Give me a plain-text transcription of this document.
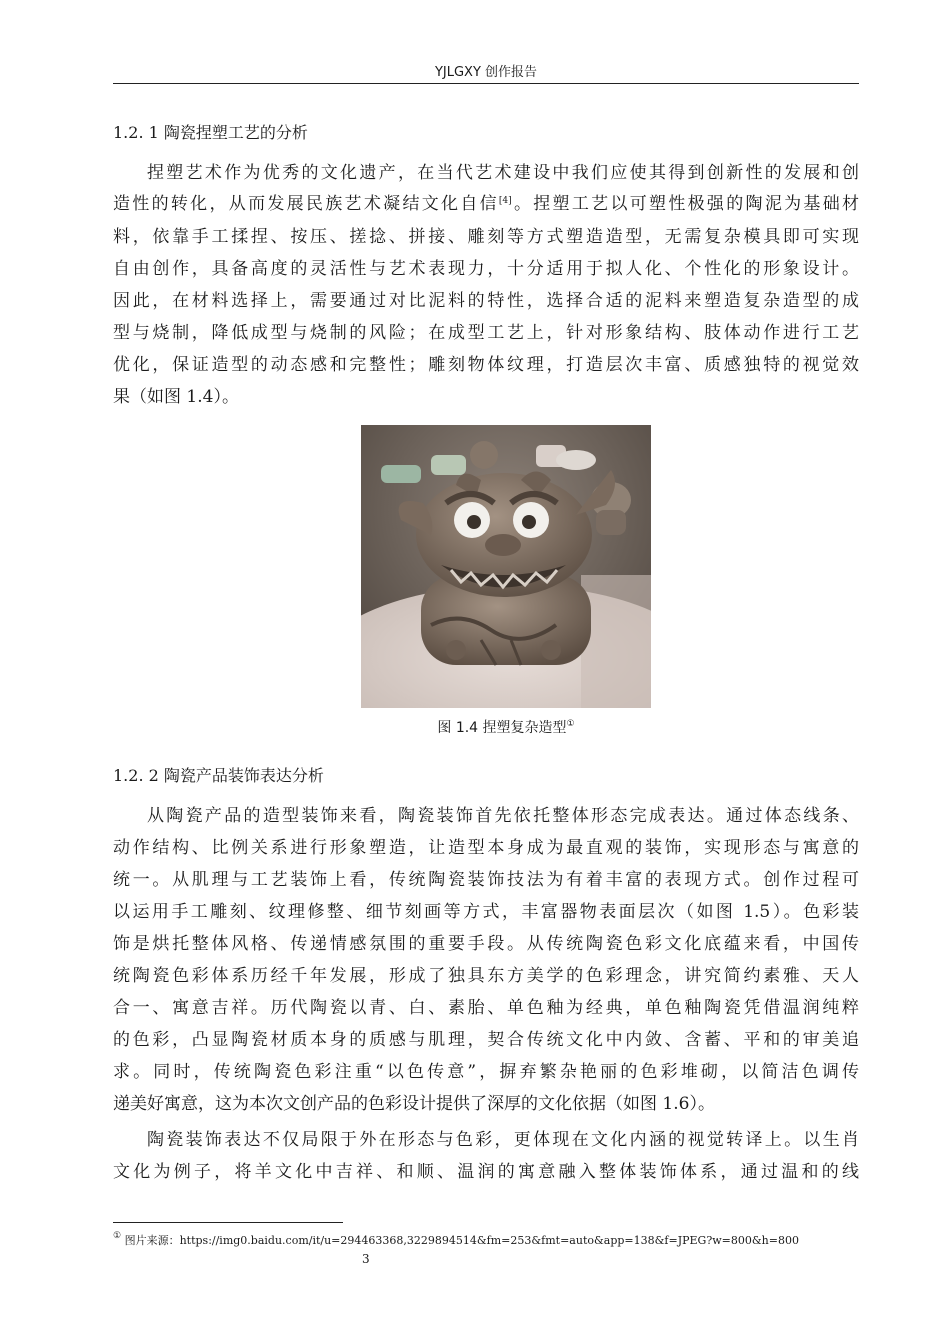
YJLGXY 创作报告
1.2. 1 陶瓷捏塑工艺的分析
捏塑艺术作为优秀的文化遗产，在当代艺术建设中我们应使其得到创新性的发展和创
造性的转化，从而发展民族艺术凝结文化自信[4]。捏塑工艺以可塑性极强的陶泥为基础材
料，依靠手工揉捏、按压、搓捻、拼接、雕刻等方式塑造造型，无需复杂模具即可实现
自由创作，具备高度的灵活性与艺术表现力，十分适用于拟人化、个性化的形象设计。
因此，在材料选择上，需要通过对比泥料的特性，选择合适的泥料来塑造复杂造型的成
型与烧制，降低成型与烧制的风险；在成型工艺上，针对形象结构、肢体动作进行工艺
优化，保证造型的动态感和完整性；雕刻物体纹理，打造层次丰富、质感独特的视觉效
果（如图 1.4）。
图 1.4 捏塑复杂造型①
1.2. 2 陶瓷产品装饰表达分析
从陶瓷产品的造型装饰来看，陶瓷装饰首先依托整体形态完成表达。通过体态线条、
动作结构、比例关系进行形象塑造，让造型本身成为最直观的装饰，实现形态与寓意的
统一。从肌理与工艺装饰上看，传统陶瓷装饰技法为有着丰富的表现方式。创作过程可
以运用手工雕刻、纹理修整、细节刻画等方式，丰富器物表面层次（如图 1.5）。色彩装
饰是烘托整体风格、传递情感氛围的重要手段。从传统陶瓷色彩文化底蕴来看，中国传
统陶瓷色彩体系历经千年发展，形成了独具东方美学的色彩理念，讲究简约素雅、天人
合一、寓意吉祥。历代陶瓷以青、白、素胎、单色釉为经典，单色釉陶瓷凭借温润纯粹
的色彩，凸显陶瓷材质本身的质感与肌理，契合传统文化中内敛、含蓄、平和的审美追
求。同时，传统陶瓷色彩注重“以色传意”，摒弃繁杂艳丽的色彩堆砌，以简洁色调传
递美好寓意，这为本次文创产品的色彩设计提供了深厚的文化依据（如图 1.6）。
陶瓷装饰表达不仅局限于外在形态与色彩，更体现在文化内涵的视觉转译上。以生肖
文化为例子，将羊文化中吉祥、和顺、温润的寓意融入整体装饰体系，通过温和的线
① 图片来源：https://img0.baidu.com/it/u=294463368,3229894514&fm=253&fmt=auto&app=138&f=JPEG?w=800&h=800
3
